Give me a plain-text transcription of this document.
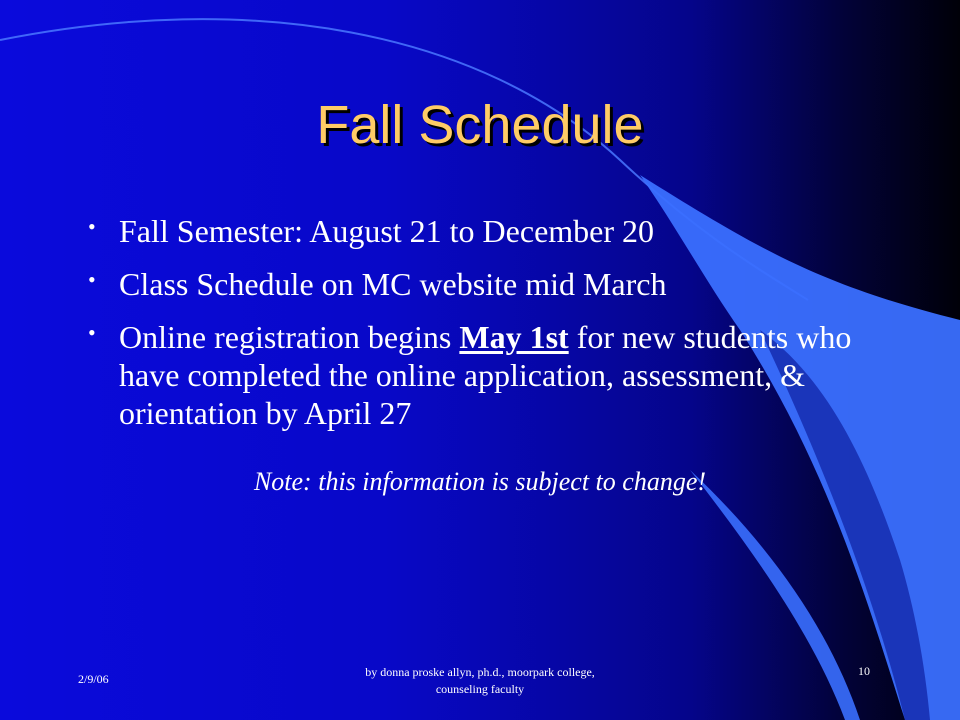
Fall Schedule
• Fall Semester: August 21 to December 20
• Class Schedule on MC website mid March
• Online registration begins May 1st for new students who have completed the online application, assessment, & orientation by April 27

Note: this information is subject to change!

2/9/06	by donna proske allyn, ph.d., moorpark college,
counseling faculty
10
